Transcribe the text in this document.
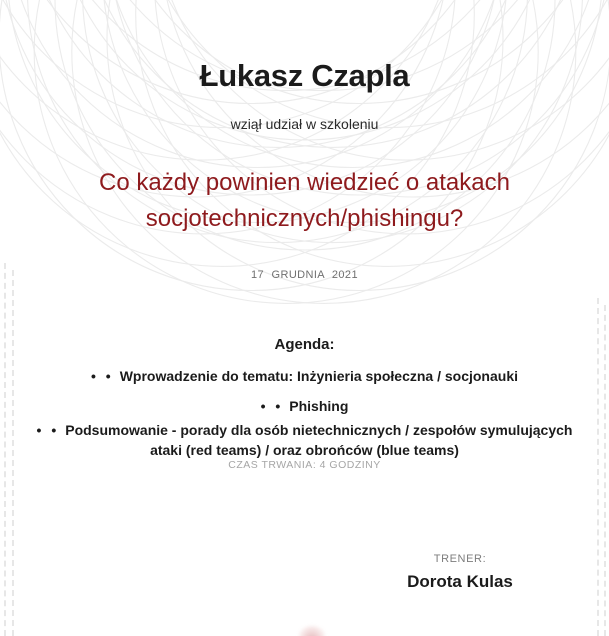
Łukasz Czapla
wziął udział w szkoleniu
Co każdy powinien wiedzieć o atakach socjotechnicznych/phishingu?
17 GRUDNIA 2021
Agenda:
• • Wprowadzenie do tematu: Inżynieria społeczna / socjonauki
• • Phishing
• • Podsumowanie - porady dla osób nietechnicznych / zespołów symulujących ataki (red teams) / oraz obrońców (blue teams)
CZAS TRWANIA: 4 GODZINY
TRENER:
Dorota Kulas
